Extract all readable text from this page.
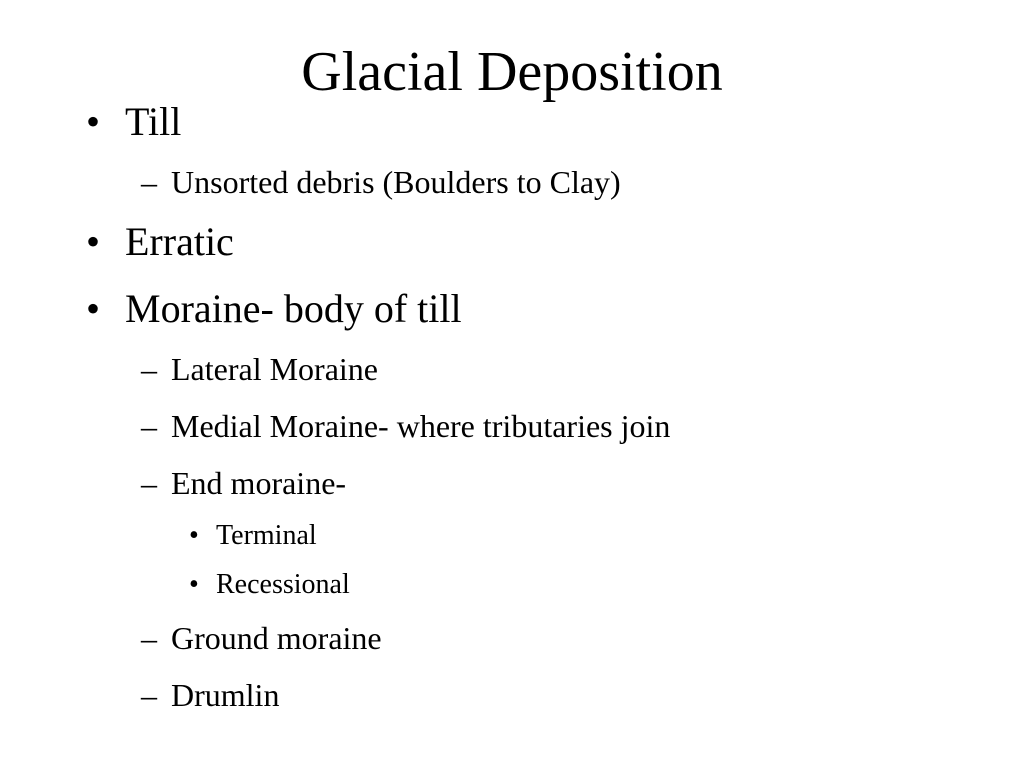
Glacial Deposition
• Till
– Unsorted debris (Boulders to Clay)
• Erratic
• Moraine- body of till
– Lateral Moraine
– Medial Moraine- where tributaries join
– End moraine-
• Terminal
• Recessional
– Ground moraine
– Drumlin
